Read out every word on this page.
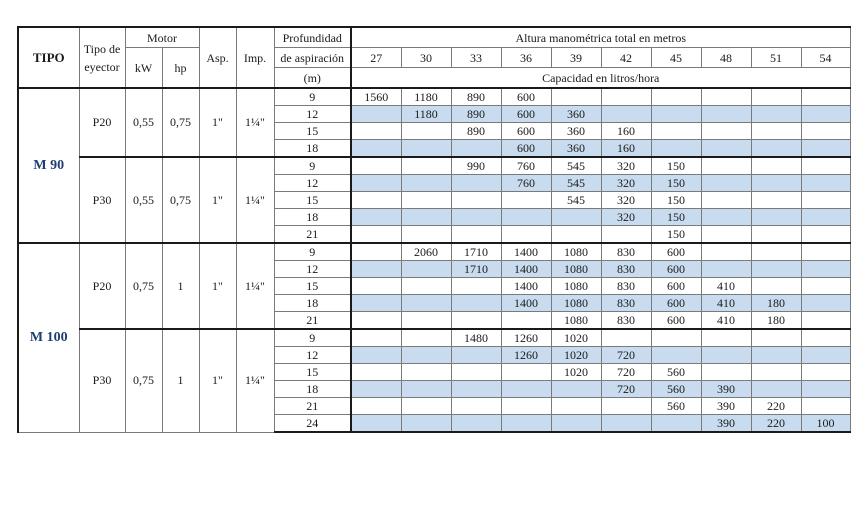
TIPO	Tipo de eyector	Motor		Asp.	Imp.	Profundidad	Altura manométrica total en metros									
		kW	hp			de aspiración	27	30	33	36	39	42	45	48	51	54
						(m)	Capacidad en litros/hora									
M 90	P20	0,55	0,75	1"	1¼"	9	1560	1180	890	600						
						12		1180	890	600	360					
						15			890	600	360	160				
						18				600	360	160				
	P30	0,55	0,75	1"	1¼"	9			990	760	545	320	150			
						12				760	545	320	150			
						15					545	320	150			
						18						320	150			
						21							150			
M 100	P20	0,75	1	1"	1¼"	9		2060	1710	1400	1080	830	600			
						12			1710	1400	1080	830	600			
						15				1400	1080	830	600	410		
						18				1400	1080	830	600	410	180	
						21					1080	830	600	410	180	
	P30	0,75	1	1"	1¼"	9			1480	1260	1020					
						12				1260	1020	720				
						15					1020	720	560			
						18						720	560	390		
						21							560	390	220	
						24								390	220	100
